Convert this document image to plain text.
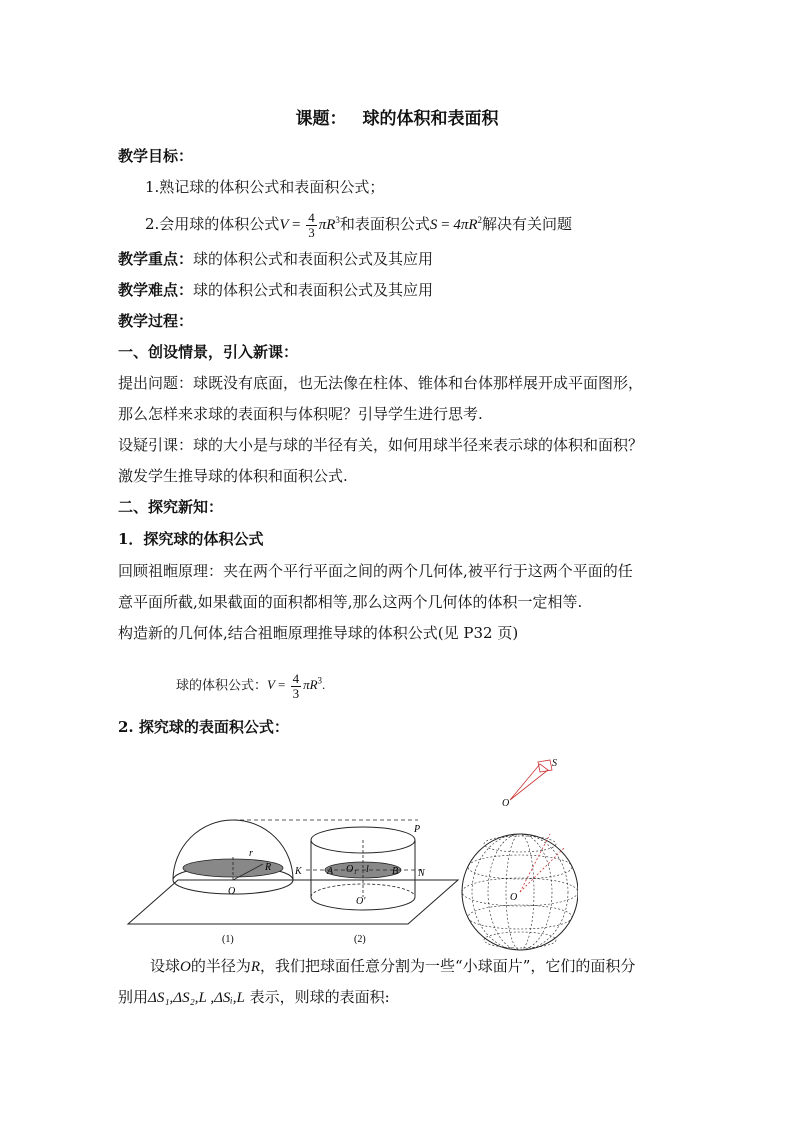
课题： 球的体积和表面积
教学目标：
1.熟记球的体积公式和表面积公式；
2.会用球的体积公式$V = \frac{4}{3} \pi R^3$和表面积公式$S = 4\pi R^2$解决有关问题
教学重点：球的体积公式和表面积公式及其应用
教学难点：球的体积公式和表面积公式及其应用
教学过程：
一、创设情景，引入新课：
提出问题：球既没有底面，也无法像在柱体、锥体和台体那样展开成平面图形，
那么怎样来求球的表面积与体积呢？引导学生进行思考.
设疑引课：球的大小是与球的半径有关，如何用球半径来表示球的体积和面积？
激发学生推导球的体积和面积公式.
二、探究新知：
1．探究球的体积公式
回顾祖暅原理：夹在两个平行平面之间的两个几何体,被平行于这两个平面的任
意平面所截,如果截面的面积都相等,那么这两个几何体的体积一定相等.
构造新的几何体,结合祖暅原理推导球的体积公式(见 P32 页)
球的体积公式：$V = \frac{4}{3} \pi R^3$.
2. 探究球的表面积公式：
r
R
O
P
K	N
A O₁ l B
O'
(1)	(2)
O
S
O
设球O的半径为R，我们把球面任意分割为一些“小球面片”，它们的面积分
别用ΔS₁,ΔS₂,L ,ΔSᵢ,L 表示，则球的表面积:
